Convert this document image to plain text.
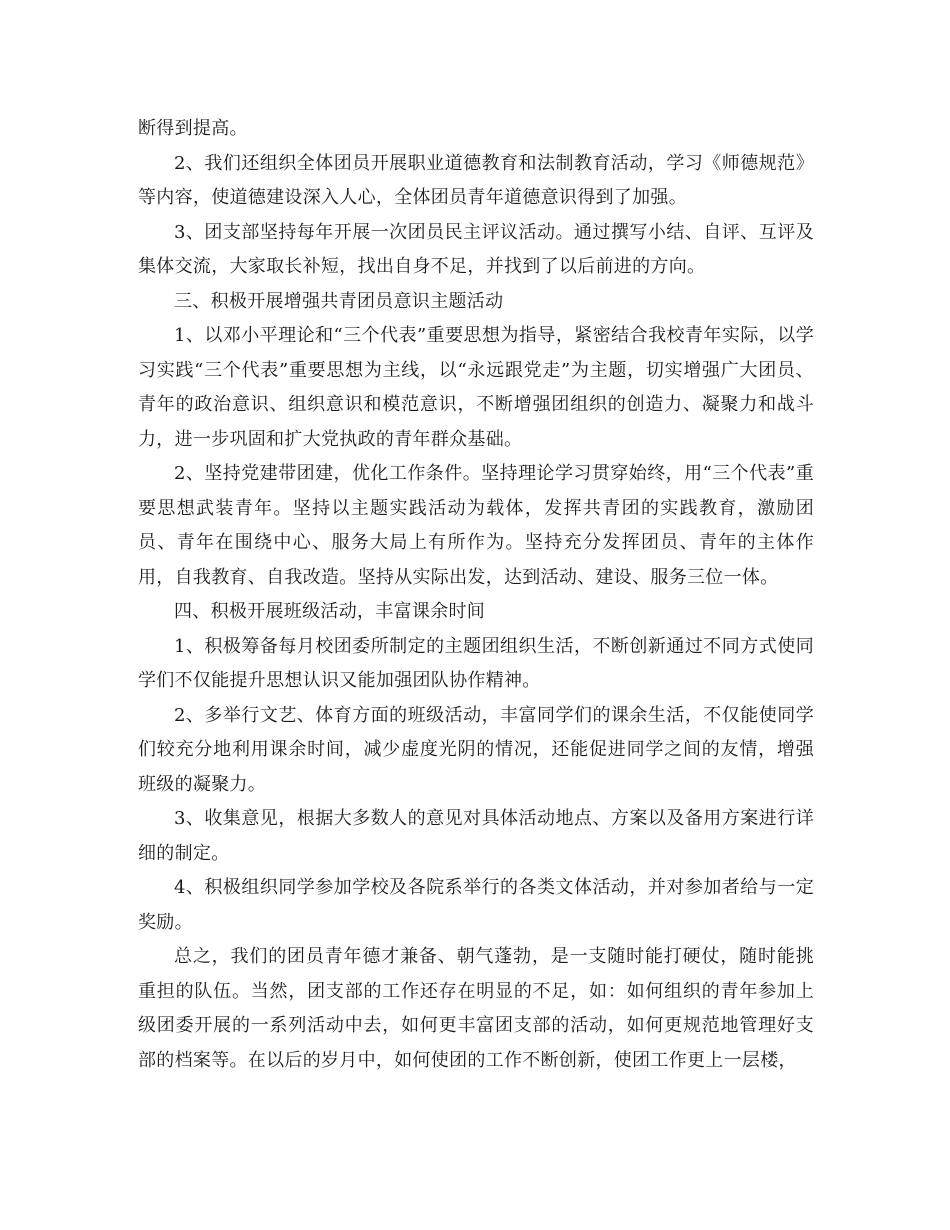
断得到提高。

2、我们还组织全体团员开展职业道德教育和法制教育活动，学习《师德规范》等内容，使道德建设深入人心，全体团员青年道德意识得到了加强。

3、团支部坚持每年开展一次团员民主评议活动。通过撰写小结、自评、互评及集体交流，大家取长补短，找出自身不足，并找到了以后前进的方向。

三、积极开展增强共青团员意识主题活动

1、以邓小平理论和“三个代表”重要思想为指导，紧密结合我校青年实际，以学习实践“三个代表”重要思想为主线，以“永远跟党走”为主题，切实增强广大团员、青年的政治意识、组织意识和模范意识，不断增强团组织的创造力、凝聚力和战斗力，进一步巩固和扩大党执政的青年群众基础。

2、坚持党建带团建，优化工作条件。坚持理论学习贯穿始终，用“三个代表”重要思想武装青年。坚持以主题实践活动为载体，发挥共青团的实践教育，激励团员、青年在围绕中心、服务大局上有所作为。坚持充分发挥团员、青年的主体作用，自我教育、自我改造。坚持从实际出发，达到活动、建设、服务三位一体。

四、积极开展班级活动，丰富课余时间

1、积极筹备每月校团委所制定的主题团组织生活，不断创新通过不同方式使同学们不仅能提升思想认识又能加强团队协作精神。

2、多举行文艺、体育方面的班级活动，丰富同学们的课余生活，不仅能使同学们较充分地利用课余时间，减少虚度光阴的情况，还能促进同学之间的友情，增强班级的凝聚力。

3、收集意见，根据大多数人的意见对具体活动地点、方案以及备用方案进行详细的制定。

4、积极组织同学参加学校及各院系举行的各类文体活动，并对参加者给与一定奖励。

总之，我们的团员青年德才兼备、朝气蓬勃，是一支随时能打硬仗，随时能挑重担的队伍。当然，团支部的工作还存在明显的不足，如：如何组织的青年参加上级团委开展的一系列活动中去，如何更丰富团支部的活动，如何更规范地管理好支部的档案等。在以后的岁月中，如何使团的工作不断创新，使团工作更上一层楼，
